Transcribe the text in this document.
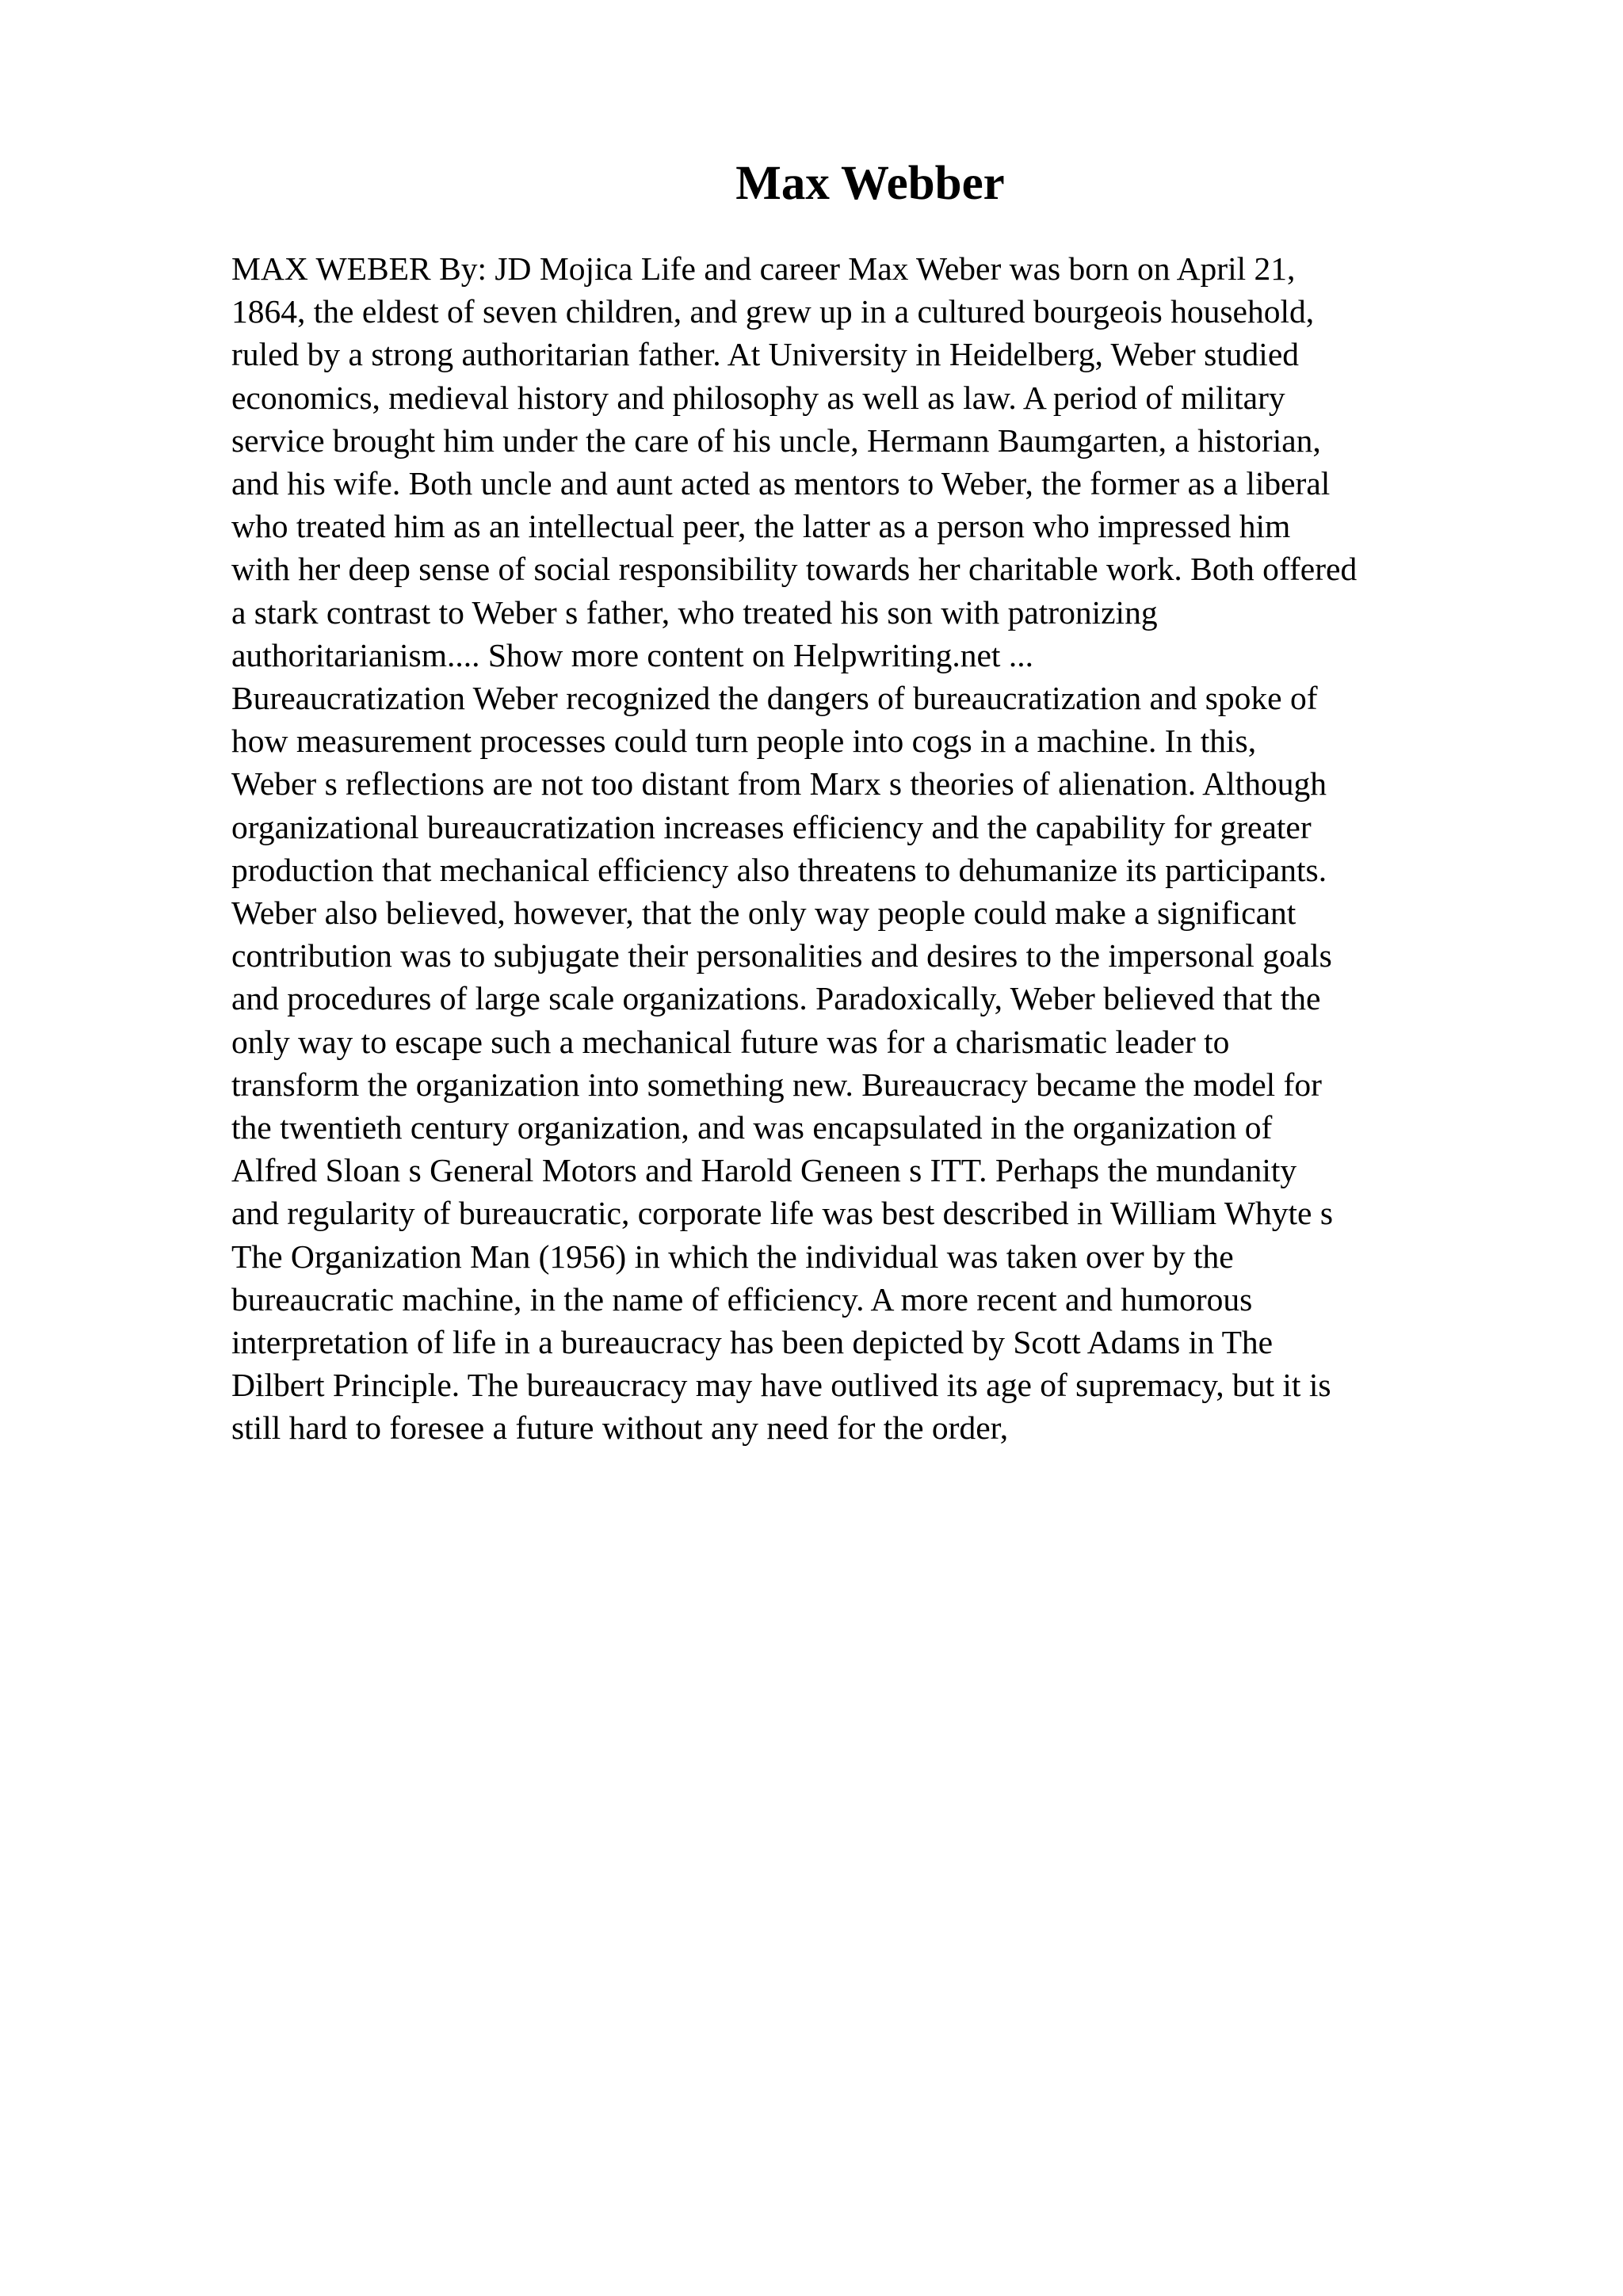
Max Webber
MAX WEBER By: JD Mojica Life and career Max Weber was born on April 21,
1864, the eldest of seven children, and grew up in a cultured bourgeois household,
ruled by a strong authoritarian father. At University in Heidelberg, Weber studied
economics, medieval history and philosophy as well as law. A period of military
service brought him under the care of his uncle, Hermann Baumgarten, a historian,
and his wife. Both uncle and aunt acted as mentors to Weber, the former as a liberal
who treated him as an intellectual peer, the latter as a person who impressed him
with her deep sense of social responsibility towards her charitable work. Both offered
a stark contrast to Weber s father, who treated his son with patronizing
authoritarianism.... Show more content on Helpwriting.net ...
Bureaucratization Weber recognized the dangers of bureaucratization and spoke of
how measurement processes could turn people into cogs in a machine. In this,
Weber s reflections are not too distant from Marx s theories of alienation. Although
organizational bureaucratization increases efficiency and the capability for greater
production that mechanical efficiency also threatens to dehumanize its participants.
Weber also believed, however, that the only way people could make a significant
contribution was to subjugate their personalities and desires to the impersonal goals
and procedures of large scale organizations. Paradoxically, Weber believed that the
only way to escape such a mechanical future was for a charismatic leader to
transform the organization into something new. Bureaucracy became the model for
the twentieth century organization, and was encapsulated in the organization of
Alfred Sloan s General Motors and Harold Geneen s ITT. Perhaps the mundanity
and regularity of bureaucratic, corporate life was best described in William Whyte s
The Organization Man (1956) in which the individual was taken over by the
bureaucratic machine, in the name of efficiency. A more recent and humorous
interpretation of life in a bureaucracy has been depicted by Scott Adams in The
Dilbert Principle. The bureaucracy may have outlived its age of supremacy, but it is
still hard to foresee a future without any need for the order,
